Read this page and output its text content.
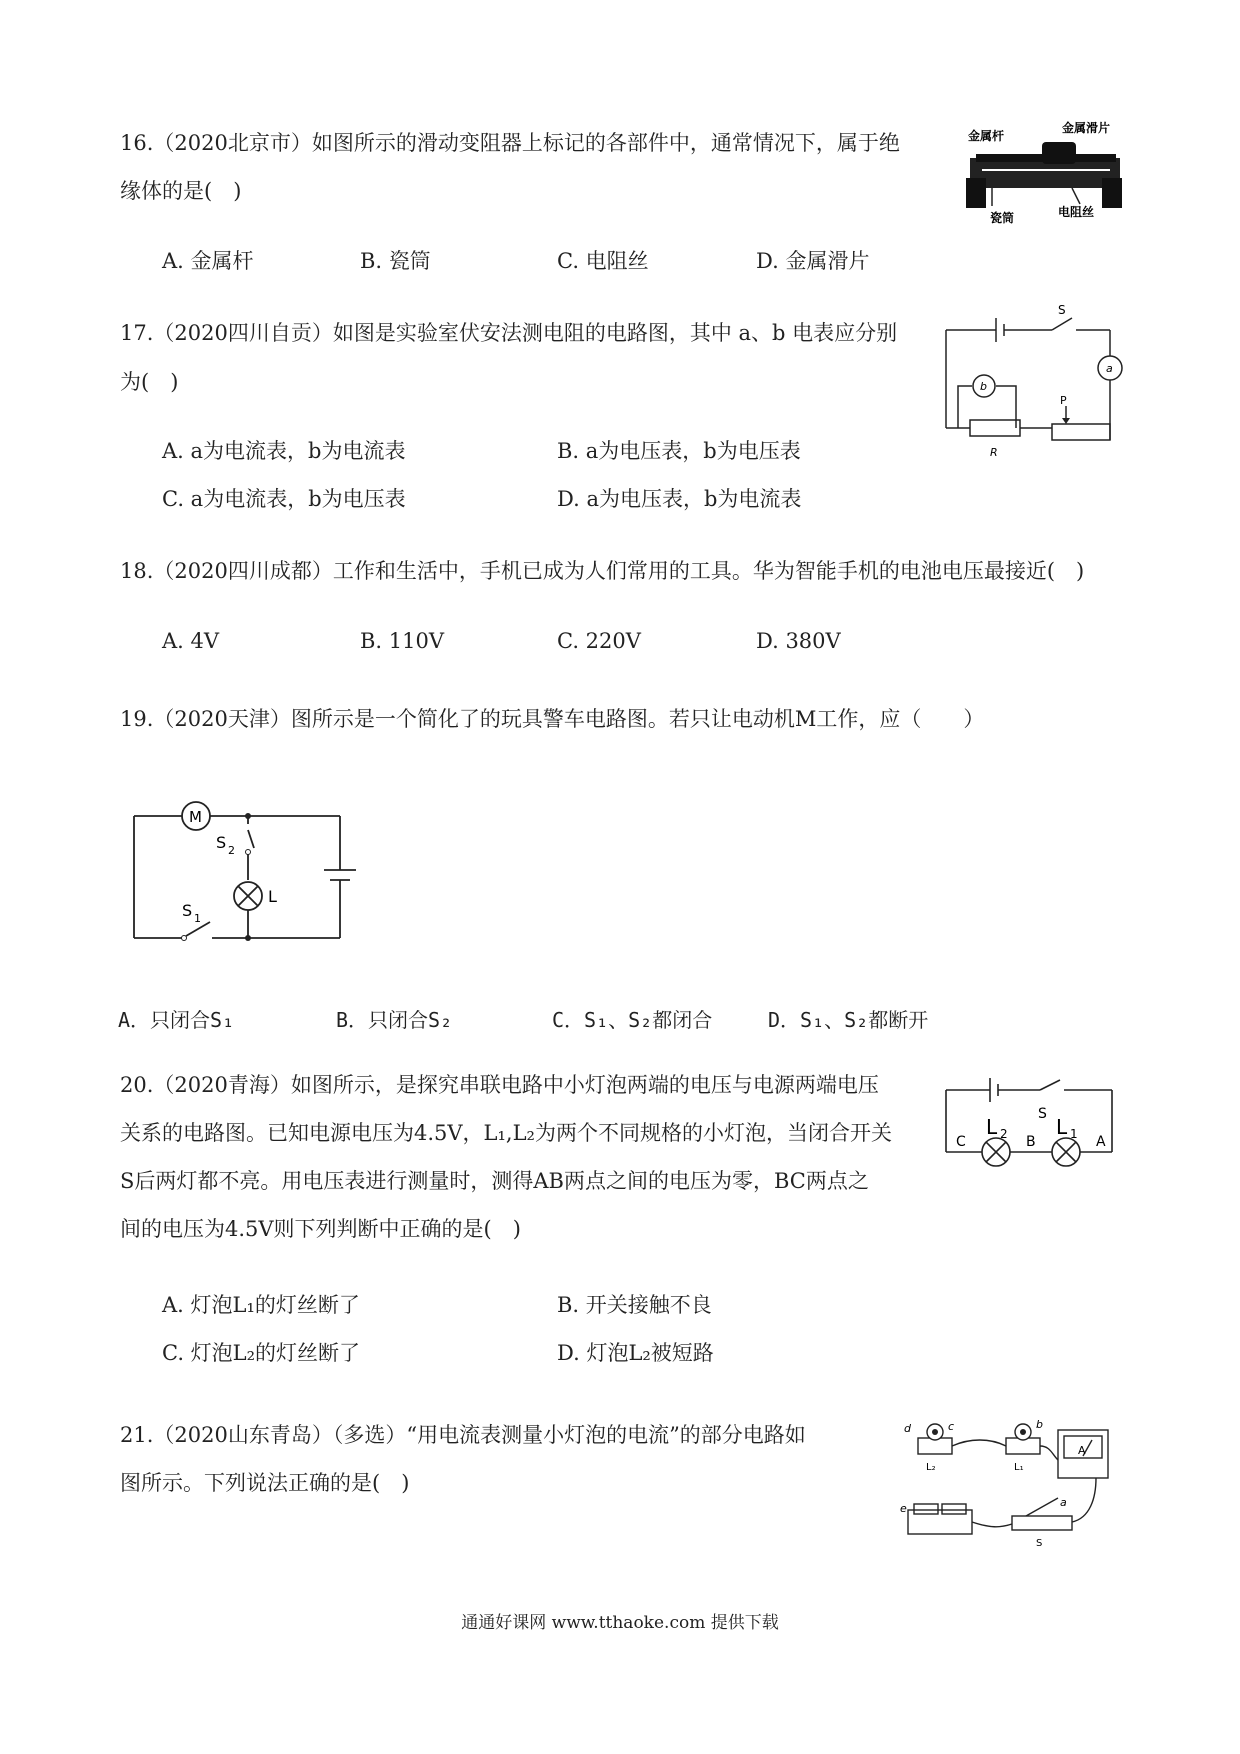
16.（2020北京市）如图所示的滑动变阻器上标记的各部件中，通常情况下，属于绝
缘体的是(　)
A. 金属杆	B. 瓷筒	C. 电阻丝	D. 金属滑片
金属杆
金属滑片
瓷筒	电阻丝
17.（2020四川自贡）如图是实验室伏安法测电阻的电路图，其中 a、b 电表应分别
为(　)
A. a为电流表，b为电流表	B. a为电压表，b为电压表
C. a为电流表，b为电压表	D. a为电压表，b为电流表
S
a
b
P
R
18.（2020四川成都）工作和生活中，手机已成为人们常用的工具。华为智能手机的电池电压最接近(　)
A. 4V	B. 110V	C. 220V	D. 380V
19.（2020天津）图所示是一个简化了的玩具警车电路图。若只让电动机M工作，应（　　）
M
S 2
L
S 1
A．只闭合S₁	B．只闭合S₂	C．S₁、S₂都闭合	D．S₁、S₂都断开
20.（2020青海）如图所示，是探究串联电路中小灯泡两端的电压与电源两端电压
关系的电路图。已知电源电压为4.5V，L₁,L₂为两个不同规格的小灯泡，当闭合开关
S后两灯都不亮。用电压表进行测量时，测得AB两点之间的电压为零，BC两点之
间的电压为4.5V则下列判断中正确的是(　)
A. 灯泡L₁的灯丝断了	B. 开关接触不良
C. 灯泡L₂的灯丝断了	D. 灯泡L₂被短路
S
C
L 2 B
L 1 A
21.（2020山东青岛）（多选）“用电流表测量小灯泡的电流”的部分电路如
图所示。下列说法正确的是(　)
d	c	b
L₂	L₁
A
e	a
S
通通好课网 www.tthaoke.com 提供下载
